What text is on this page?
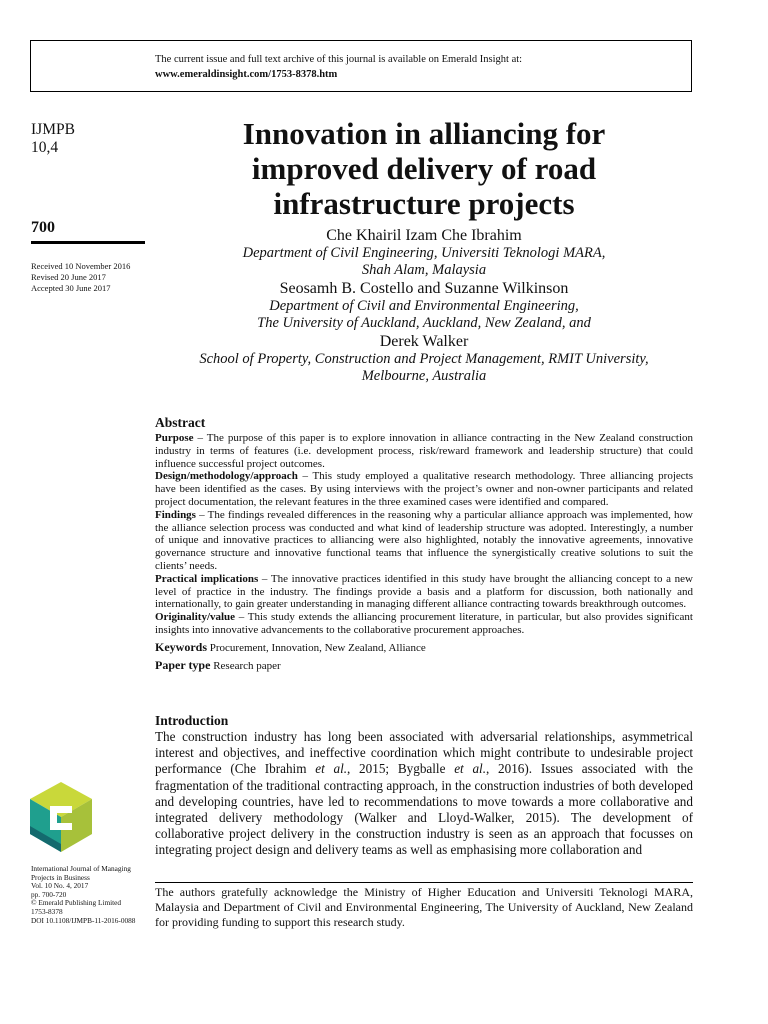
The current issue and full text archive of this journal is available on Emerald Insight at:
www.emeraldinsight.com/1753-8378.htm
IJMPB
10,4
700
Received 10 November 2016
Revised 20 June 2017
Accepted 30 June 2017
Innovation in alliancing for
improved delivery of road
infrastructure projects
Che Khairil Izam Che Ibrahim
Department of Civil Engineering, Universiti Teknologi MARA,
Shah Alam, Malaysia
Seosamh B. Costello and Suzanne Wilkinson
Department of Civil and Environmental Engineering,
The University of Auckland, Auckland, New Zealand, and
Derek Walker
School of Property, Construction and Project Management, RMIT University,
Melbourne, Australia
Abstract

Purpose – The purpose of this paper is to explore innovation in alliance contracting in the New Zealand construction industry in terms of features (i.e. development process, risk/reward framework and leadership structure) that could influence successful project outcomes.

Design/methodology/approach – This study employed a qualitative research methodology. Three alliancing projects have been identified as the cases. By using interviews with the project’s owner and non-owner participants and related project documentation, the relevant features in the three examined cases were identified and compared.

Findings – The findings revealed differences in the reasoning why a particular alliance approach was implemented, how the alliance selection process was conducted and what kind of leadership structure was adopted. Interestingly, a number of unique and innovative practices to alliancing were also highlighted, notably the innovative agreements, innovative governance structure and innovative functional teams that influence the synergistically creative solutions to suit the clients’ needs.

Practical implications – The innovative practices identified in this study have brought the alliancing concept to a new level of practice in the industry. The findings provide a basis and a platform for discussion, both nationally and internationally, to gain greater understanding in managing different alliance contracting towards breakthrough outcomes.

Originality/value – This study extends the alliancing procurement literature, in particular, but also provides significant insights into innovative advancements to the collaborative procurement approaches.

Keywords Procurement, Innovation, New Zealand, Alliance
Paper type Research paper
Introduction

The construction industry has long been associated with adversarial relationships, asymmetrical interest and objectives, and ineffective coordination which might contribute to undesirable project performance (Che Ibrahim et al., 2015; Bygballe et al., 2016). Issues associated with the fragmentation of the traditional contracting approach, in the construction industries of both developed and developing countries, have led to recommendations to move towards a more collaborative and integrated delivery methodology (Walker and Lloyd-Walker, 2015). The development of collaborative project delivery in the construction industry is seen as an approach that focusses on integrating project design and delivery teams as well as emphasising more collaboration and

The authors gratefully acknowledge the Ministry of Higher Education and Universiti Teknologi MARA, Malaysia and Department of Civil and Environmental Engineering, The University of Auckland, New Zealand for providing funding to support this research study.
International Journal of Managing
Projects in Business
Vol. 10 No. 4, 2017
pp. 700-720
© Emerald Publishing Limited
1753-8378
DOI 10.1108/IJMPB-11-2016-0088
